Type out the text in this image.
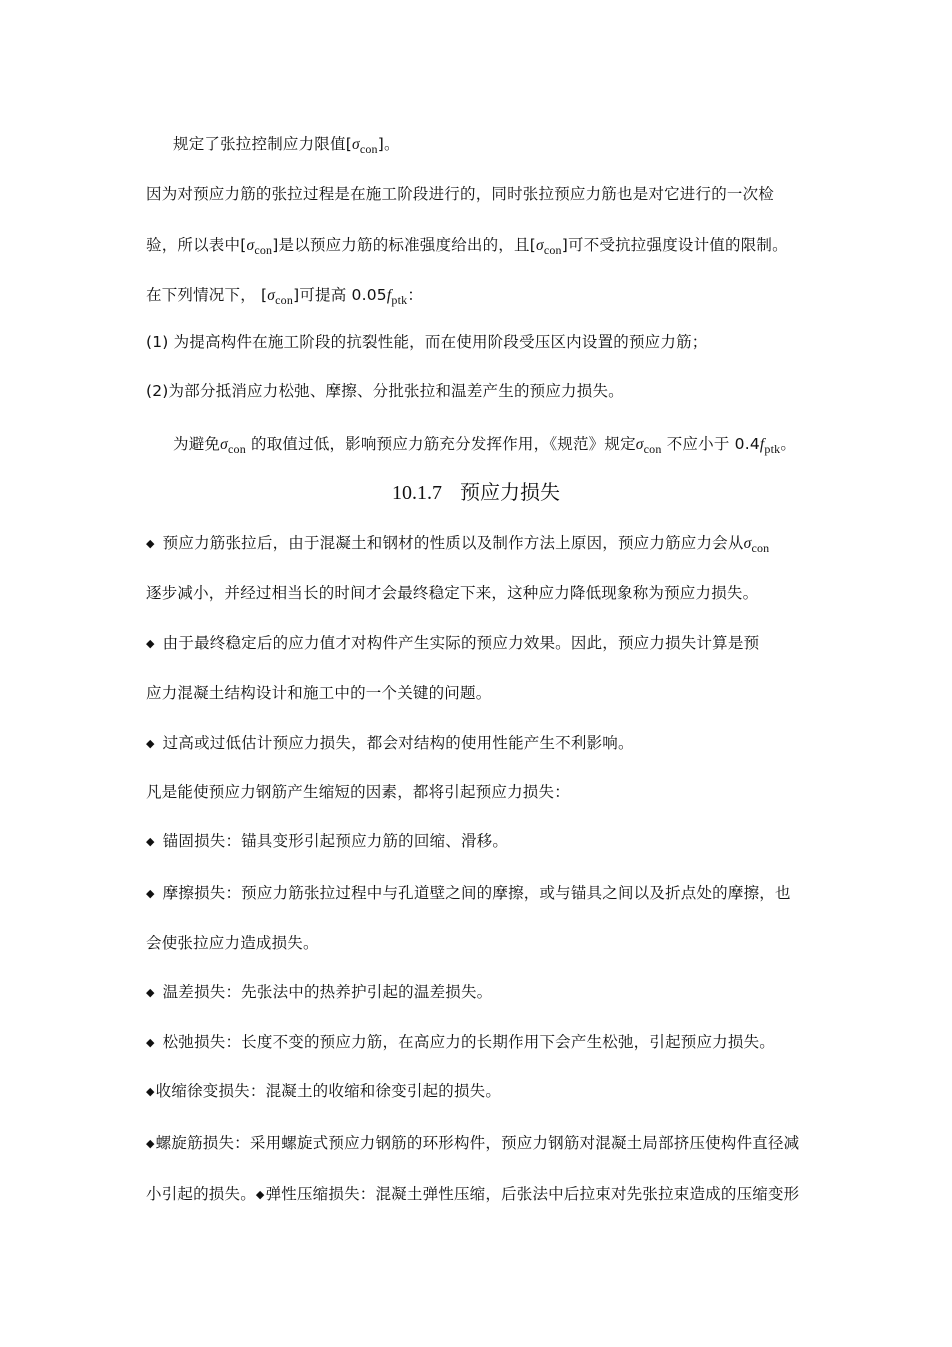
规定了张拉控制应力限值$[\sigma_{con}]$。
因为对预应力筋的张拉过程是在施工阶段进行的，同时张拉预应力筋也是对它进行的一次检
验，所以表中$[\sigma_{con}]$是以预应力筋的标准强度给出的，且$[\sigma_{con}]$可不受抗拉强度设计值的限制。
在下列情况下， $[\sigma_{con}]$可提高 $0.05f_{ptk}$：
(1) 为提高构件在施工阶段的抗裂性能，而在使用阶段受压区内设置的预应力筋；
(2)为部分抵消应力松弛、摩擦、分批张拉和温差产生的预应力损失。
为避免$\sigma_{con}$ 的取值过低，影响预应力筋充分发挥作用，《规范》规定$\sigma_{con}$ 不应小于 $0.4f_{ptk}$。
10.1.7 预应力损失
◆ 预应力筋张拉后，由于混凝土和钢材的性质以及制作方法上原因，预应力筋应力会从$\sigma_{con}$
逐步减小，并经过相当长的时间才会最终稳定下来，这种应力降低现象称为预应力损失。
◆ 由于最终稳定后的应力值才对构件产生实际的预应力效果。因此，预应力损失计算是预
应力混凝土结构设计和施工中的一个关键的问题。
◆ 过高或过低估计预应力损失，都会对结构的使用性能产生不利影响。
凡是能使预应力钢筋产生缩短的因素，都将引起预应力损失：
◆ 锚固损失：锚具变形引起预应力筋的回缩、滑移。
◆ 摩擦损失：预应力筋张拉过程中与孔道壁之间的摩擦，或与锚具之间以及折点处的摩擦，也
会使张拉应力造成损失。
◆ 温差损失：先张法中的热养护引起的温差损失。
◆ 松弛损失：长度不变的预应力筋，在高应力的长期作用下会产生松弛，引起预应力损失。
◆收缩徐变损失：混凝土的收缩和徐变引起的损失。
◆螺旋筋损失：采用螺旋式预应力钢筋的环形构件，预应力钢筋对混凝土局部挤压使构件直径减
小引起的损失。◆弹性压缩损失：混凝土弹性压缩，后张法中后拉束对先张拉束造成的压缩变形
